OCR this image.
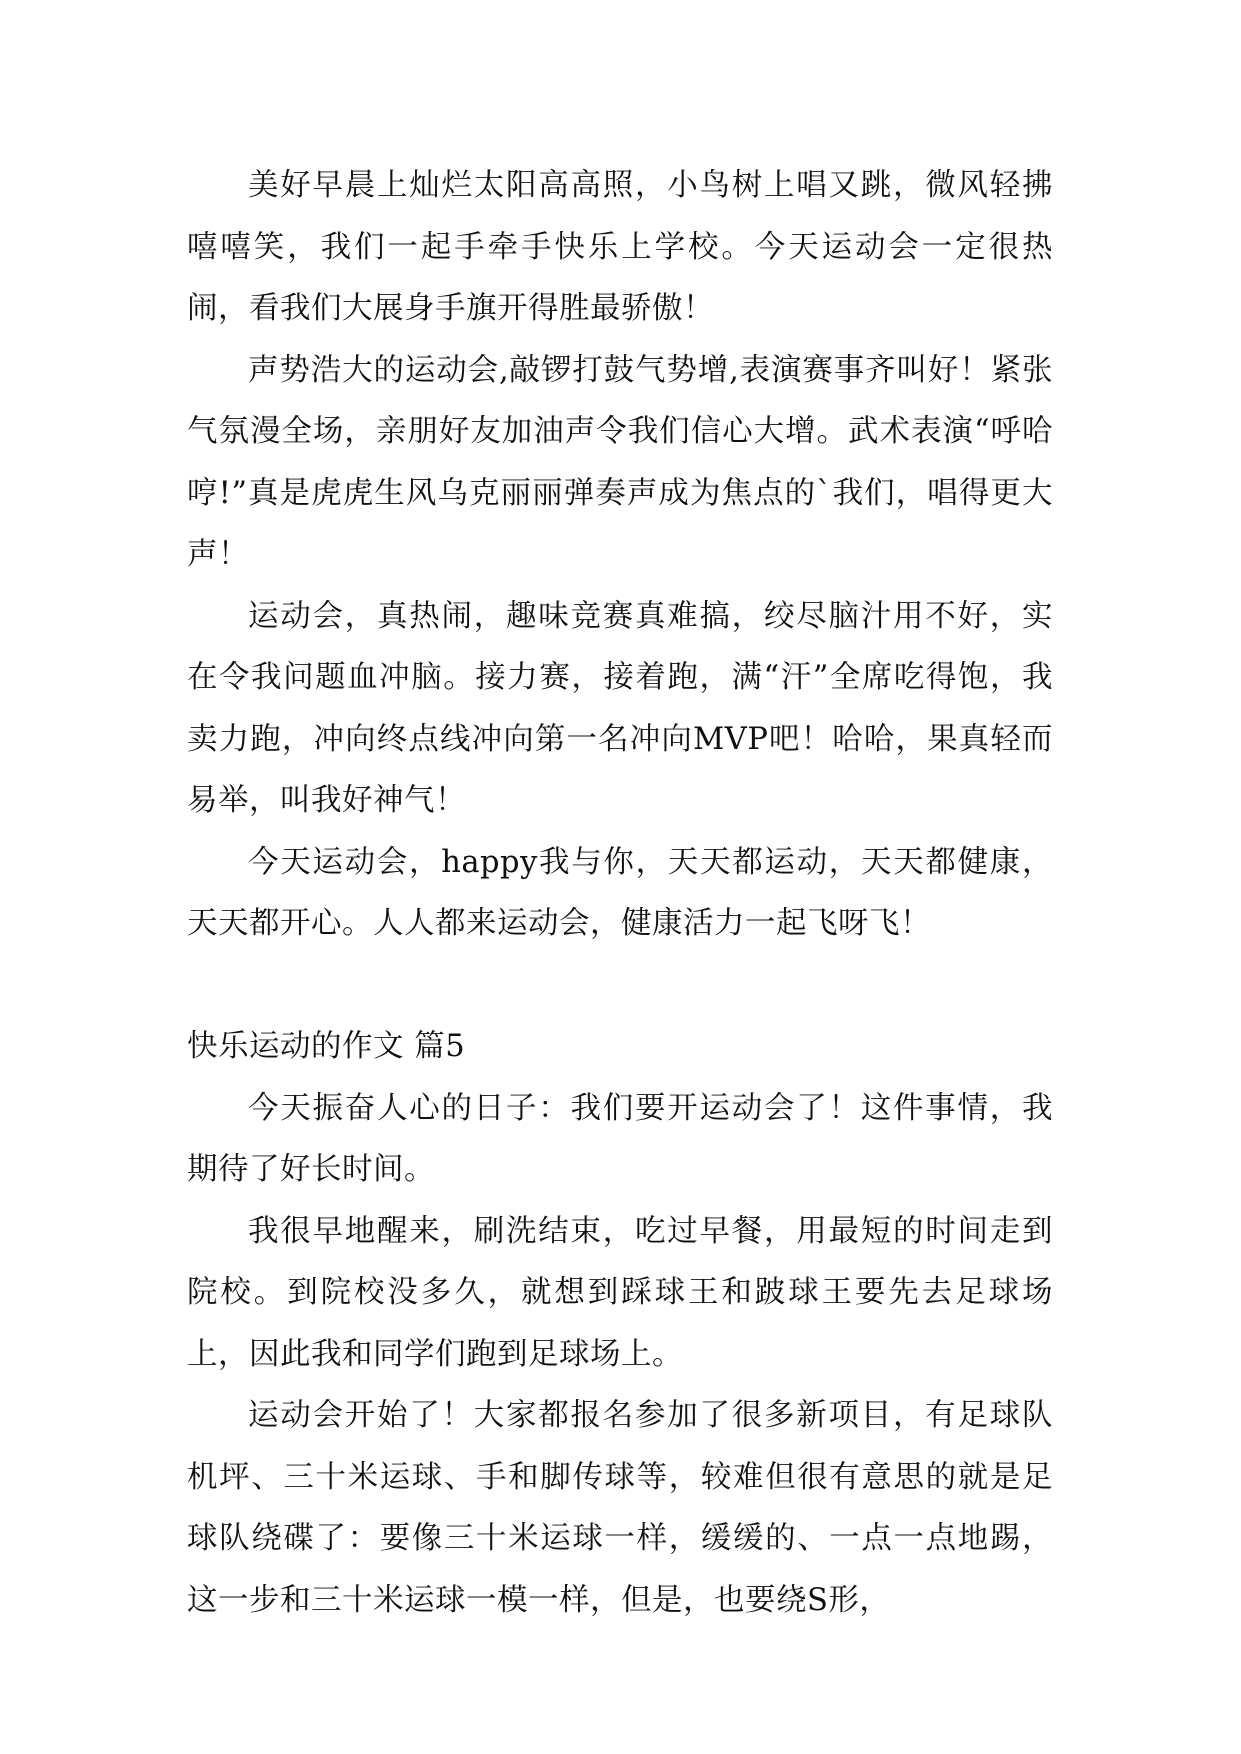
美好早晨上灿烂太阳高高照，小鸟树上唱又跳，微风轻拂嘻嘻笑，我们一起手牵手快乐上学校。今天运动会一定很热闹，看我们大展身手旗开得胜最骄傲！

声势浩大的运动会,敲锣打鼓气势增,表演赛事齐叫好！紧张气氛漫全场，亲朋好友加油声令我们信心大增。武术表演“呼哈哼!”真是虎虎生风乌克丽丽弹奏声成为焦点的`我们，唱得更大声！

运动会，真热闹，趣味竞赛真难搞，绞尽脑汁用不好，实在令我问题血冲脑。接力赛，接着跑，满“汗”全席吃得饱，我卖力跑，冲向终点线冲向第一名冲向MVP吧！哈哈，果真轻而易举，叫我好神气！

今天运动会，happy我与你，天天都运动，天天都健康，天天都开心。人人都来运动会，健康活力一起飞呀飞！

快乐运动的作文 篇5

今天振奋人心的日子：我们要开运动会了！这件事情，我期待了好长时间。

我很早地醒来，刷洗结束，吃过早餐，用最短的时间走到院校。到院校没多久，就想到踩球王和跛球王要先去足球场上，因此我和同学们跑到足球场上。

运动会开始了！大家都报名参加了很多新项目，有足球队机坪、三十米运球、手和脚传球等，较难但很有意思的就是足球队绕碟了：要像三十米运球一样，缓缓的、一点一点地踢，这一步和三十米运球一模一样，但是，也要绕S形，
